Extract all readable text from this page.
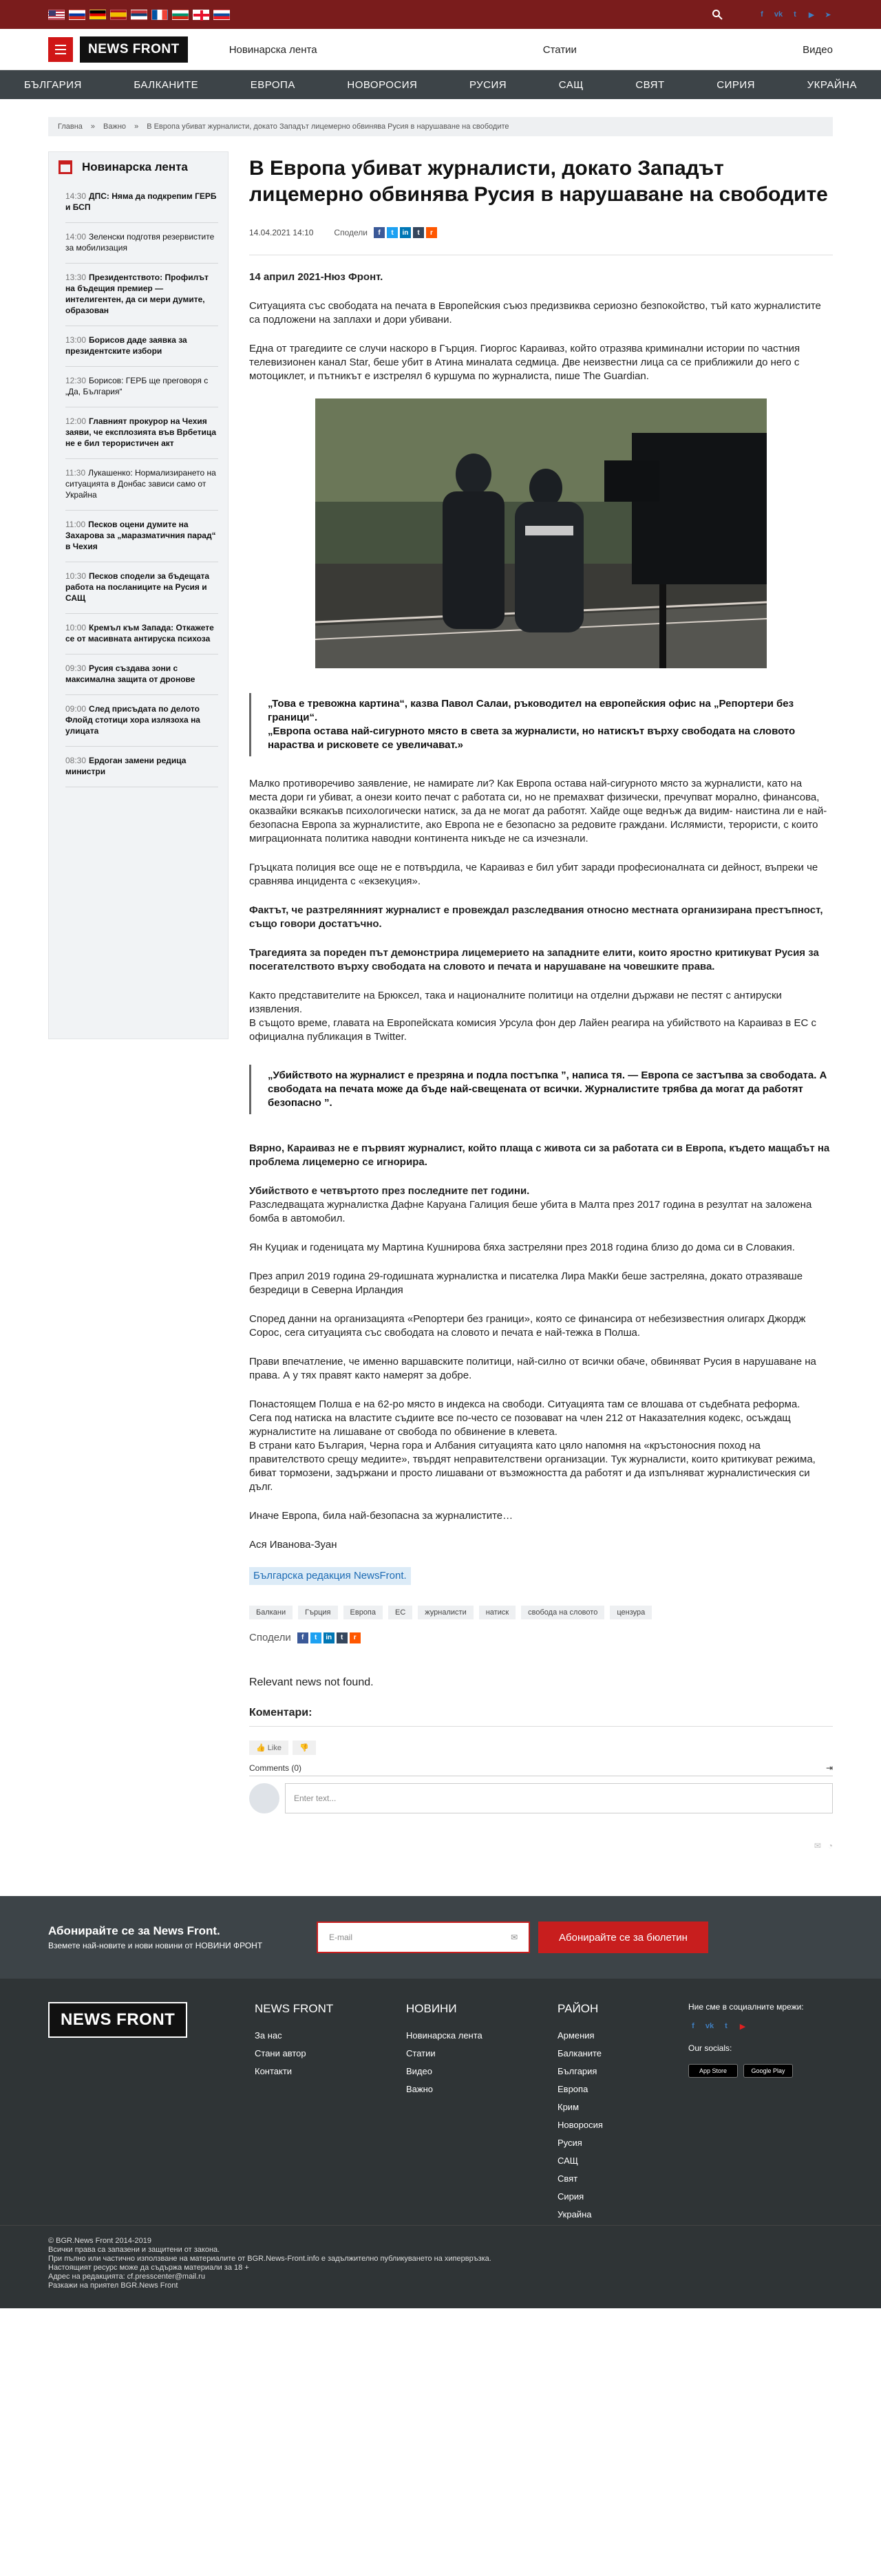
f	vk	t	▶ ➤
NEWS FRONT	Новинарска лента	Статии	Видео
БЪЛГАРИЯ	БАЛКАНИТЕ	ЕВРОПА	НОВОРОСИЯ	РУСИЯ	САЩ	СВЯТ	СИРИЯ	УКРАЙНА
Главна » Важно » В Европа убиват журналисти, докато Западът лицемерно обвинява Русия в нарушаване на свободите
Новинарска лента
14:30 ДПС: Няма да подкрепим ГЕРБ и БСП
14:00 Зеленски подготвя резервистите за мобилизация
13:30 Президентството: Профилът на бъдещия премиер — интелигентен, да си мери думите, образован
13:00 Борисов даде заявка за президентските избори
12:30 Борисов: ГЕРБ ще преговоря с „Да, България“
12:00 Главният прокурор на Чехия заяви, че експлозията във Врбетица не е бил терористичен акт
11:30 Лукашенко: Нормализирането на ситуацията в Донбас зависи само от Украйна
11:00 Песков оцени думите на Захарова за „маразматичния парад“ в Чехия
10:30 Песков сподели за бъдещата работа на посланиците на Русия и САЩ
10:00 Кремъл към Запада: Откажете се от масивната антируска психоза
09:30 Русия създава зони с максимална защита от дронове
09:00 След присъдата по делото Флойд стотици хора излязоха на улицата
08:30 Ердоган замени редица министри
В Европа убиват журналисти, докато Западът лицемерно обвинява Русия в нарушаване на свободите
14.04.2021 14:10	Сподели	f	t	in	t	r

14 април 2021-Нюз Фронт.

Ситуацията със свободата на печата в Европейския съюз предизвиква сериозно безпокойство, тъй като журналистите са подложени на заплахи и дори убивани.

Една от трагедиите се случи наскоро в Гърция. Гиоргос Караиваз, който отразява криминални истории по частния телевизионен канал Star, беше убит в Атина миналата седмица. Две неизвестни лица са се приближили до него с мотоциклет, и пътникът е изстрелял 6 куршума по журналиста, пише The Guardian.

„Това е тревожна картина“, казва Павол Салаи, ръководител на европейския офис на „Репортери без граници“.
„Европа остава най-сигурното място в света за журналисти, но натискът върху свободата на словото нараства и рисковете се увеличават.»

Малко противоречиво заявление, не намирате ли? Как Европа остава най-сигурното място за журналисти, като на места дори ги убиват, а онези които печат с работата си, но не премахват физически, пречупват морално, финансова, оказвайки всякакъв психологически натиск, за да не могат да работят. Хайде още веднъж да видим- наистина ли е най-безопасна Европа за журналистите, ако Европа не е безопасно за редовите граждани. Ислямисти, терористи, с които миграционната политика наводни континента никъде не са изчезнали.

Гръцката полиция все още не е потвърдила, че Караиваз е бил убит заради професионалната си дейност, въпреки че сравнява инцидента с «екзекуция».

Фактът, че разтрелянният журналист е провеждал разследвания относно местната организирана престъпност, също говори достатъчно.

Трагедията за пореден път демонстрира лицемерието на западните елити, които яростно критикуват Русия за посегателството върху свободата на словото и печата и нарушаване на човешките права.

Както представителите на Брюксел, така и националните политици на отделни държави не пестят с антируски изявления.
В същото време, главата на Европейската комисия Урсула фон дер Лайен реагира на убийството на Караиваз в ЕС с официална публикация в Twitter.

„Убийството на журналист е презряна и подла постъпка ”, написа тя. — Европа се застъпва за свободата. А свободата на печата може да бъде най-свещената от всички. Журналистите трябва да могат да работят безопасно ”.

Вярно, Караиваз не е първият журналист, който плаща с живота си за работата си в Европа, където мащабът на проблема лицемерно се игнорира.

Убийството е четвъртото през последните пет години.
Разследващата журналистка Дафне Каруана Галиция беше убита в Малта през 2017 година в резултат на заложена бомба в автомобил.

Ян Куциак и годеницата му Мартина Кушнирова бяха застреляни през 2018 година близо до дома си в Словакия.

През април 2019 година 29-годишната журналистка и писателка Лира МакКи беше застреляна, докато отразяваше безредици в Северна Ирландия

Според данни на организацията «Репортери без граници», която се финансира от небезизвестния олигарх Джордж Сорос, сега ситуацията със свободата на словото и печата е най-тежка в Полша.

Прави впечатление, че именно варшавските политици, най-силно от всички обаче, обвиняват Русия в нарушаване на права. А у тях правят както намерят за добре.

Понастоящем Полша е на 62-ро място в индекса на свободи. Ситуацията там се влошава от съдебната реформа.
Сега под натиска на властите съдиите все по-често се позовават на член 212 от Наказателния кодекс, осъждащ журналистите на лишаване от свобода по обвинение в клевета.
В страни като България, Черна гора и Албания ситуацията като цяло напомня на «кръстоносния поход на правителството срещу медиите», твърдят неправителствени организации. Тук журналисти, които критикуват режима, биват тормозени, задържани и просто лишавани от възможността да работят и да изпълняват журналистическия си дълг.

Иначе Европа, била най-безопасна за журналистите…

Ася Иванова-Зуан

Българска редакция NewsFront.
Балкани	Гърция	Европа	ЕС	журналисти	натиск	свобода на словото	цензура
Сподели	f	t	in	t	r
Relevant news not found.
Коментари:
👍 Like	👎
Comments (0)	⇥
Enter text...
✉ ◔
Абонирайте се за News Front.
Вземете най-новите и нови новини от НОВИНИ ФРОНТ
E-mail	✉	Абонирайте се за бюлетин
NEWS FRONT
NEWS FRONT
За нас
Стани автор
Контакти
НОВИНИ
Новинарска лента
Статии
Видео
Важно
РАЙОН
Армения
Балканите
България
Европа
Крим
Новоросия
Русия
САЩ
Свят
Сирия
Украйна
Ние сме в социалните мрежи:
f	vk	t	▶
Our socials:
App Store	Google Play
© BGR.News Front 2014-2019
Всички права са запазени и защитени от закона.
При пълно или частично използване на материалите от BGR.News-Front.info е задължително публикуването на хипервръзка.
Настоящият ресурс може да съдържа материали за 18 +
Адрес на редакцията: cf.presscenter@mail.ru
Разкажи на приятел BGR.News Front
